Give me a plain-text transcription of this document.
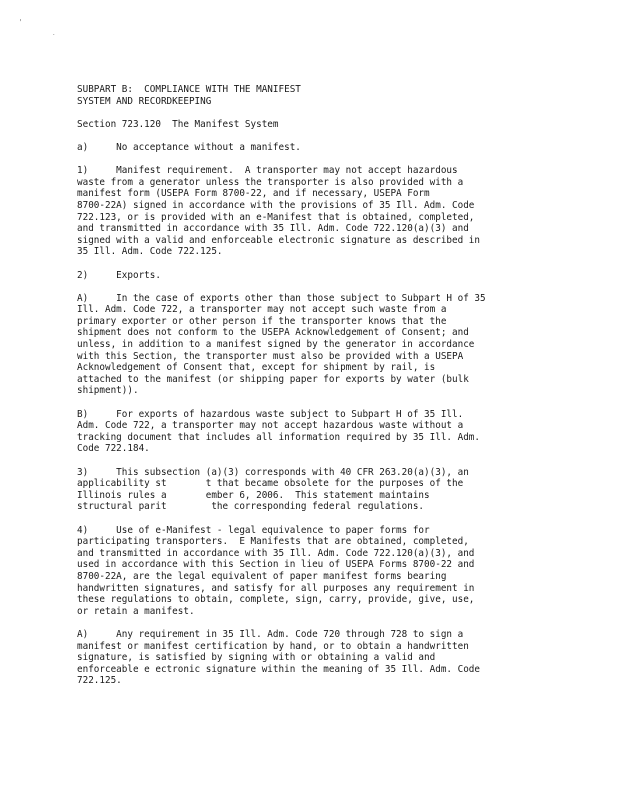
'
.
SUBPART B:  COMPLIANCE WITH THE MANIFEST
SYSTEM AND RECORDKEEPING
Section 723.120  The Manifest System
a)     No acceptance without a manifest.
1)     Manifest requirement.  A transporter may not accept hazardous
waste from a generator unless the transporter is also provided with a
manifest form (USEPA Form 8700-22, and if necessary, USEPA Form
8700-22A) signed in accordance with the provisions of 35 Ill. Adm. Code
722.123, or is provided with an e-Manifest that is obtained, completed,
and transmitted in accordance with 35 Ill. Adm. Code 722.120(a)(3) and
signed with a valid and enforceable electronic signature as described in
35 Ill. Adm. Code 722.125.
2)     Exports.
A)     In the case of exports other than those subject to Subpart H of 35
Ill. Adm. Code 722, a transporter may not accept such waste from a
primary exporter or other person if the transporter knows that the
shipment does not conform to the USEPA Acknowledgement of Consent; and
unless, in addition to a manifest signed by the generator in accordance
with this Section, the transporter must also be provided with a USEPA
Acknowledgement of Consent that, except for shipment by rail, is
attached to the manifest (or shipping paper for exports by water (bulk
shipment)).
B)     For exports of hazardous waste subject to Subpart H of 35 Ill.
Adm. Code 722, a transporter may not accept hazardous waste without a
tracking document that includes all information required by 35 Ill. Adm.
Code 722.184.
3)     This subsection (a)(3) corresponds with 40 CFR 263.20(a)(3), an
applicability st       t that became obsolete for the purposes of the
Illinois rules a       ember 6, 2006.  This statement maintains
structural parit        the corresponding federal regulations.
4)     Use of e-Manifest - legal equivalence to paper forms for
participating transporters.  E Manifests that are obtained, completed,
and transmitted in accordance with 35 Ill. Adm. Code 722.120(a)(3), and
used in accordance with this Section in lieu of USEPA Forms 8700-22 and
8700-22A, are the legal equivalent of paper manifest forms bearing
handwritten signatures, and satisfy for all purposes any requirement in
these regulations to obtain, complete, sign, carry, provide, give, use,
or retain a manifest.
A)     Any requirement in 35 Ill. Adm. Code 720 through 728 to sign a
manifest or manifest certification by hand, or to obtain a handwritten
signature, is satisfied by signing with or obtaining a valid and
enforceable e ectronic signature within the meaning of 35 Ill. Adm. Code
722.125.
